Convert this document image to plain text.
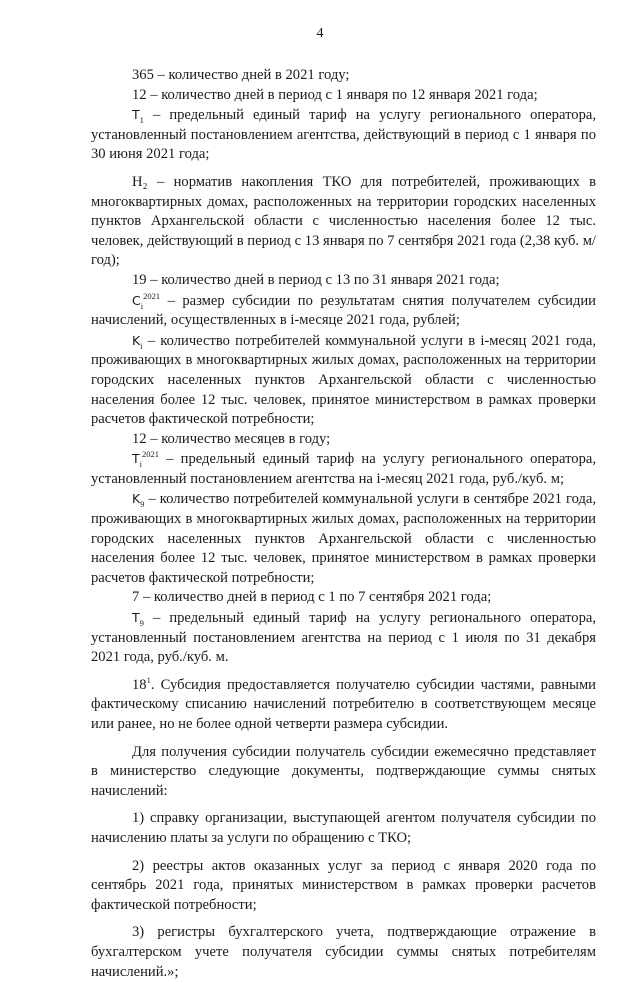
4

365 – количество дней в 2021 году;

12 – количество дней в период с 1 января по 12 января 2021 года;

$T_1$ – предельный единый тариф на услугу регионального оператора, установленный постановлением агентства, действующий в период с 1 января по 30 июня 2021 года;

H₂ – норматив накопления ТКО для потребителей, проживающих в многоквартирных домах, расположенных на территории городских населенных пунктов Архангельской области с численностью населения более 12 тыс. человек, действующий в период с 13 января по 7 сентября 2021 года (2,38 куб. м/год);

19 – количество дней в период с 13 по 31 января 2021 года;

$C_i^{2021}$ – размер субсидии по результатам снятия получателем субсидии начислений, осуществленных в i-месяце 2021 года, рублей;

$K_i$ – количество потребителей коммунальной услуги в i-месяц 2021 года, проживающих в многоквартирных жилых домах, расположенных на территории городских населенных пунктов Архангельской области с численностью населения более 12 тыс. человек, принятое министерством в рамках проверки расчетов фактической потребности;

12 – количество месяцев в году;

$T_i^{2021}$ – предельный единый тариф на услугу регионального оператора, установленный постановлением агентства на i-месяц 2021 года, руб./куб. м;

$K_9$ – количество потребителей коммунальной услуги в сентябре 2021 года, проживающих в многоквартирных жилых домах, расположенных на территории городских населенных пунктов Архангельской области с численностью населения более 12 тыс. человек, принятое министерством в рамках проверки расчетов фактической потребности;

7 – количество дней в период с 1 по 7 сентября 2021 года;

$T_9$ – предельный единый тариф на услугу регионального оператора, установленный постановлением агентства на период с 1 июля по 31 декабря 2021 года, руб./куб. м.

$18^1$. Субсидия предоставляется получателю субсидии частями, равными фактическому списанию начислений потребителю в соответствующем месяце или ранее, но не более одной четверти размера субсидии.

Для получения субсидии получатель субсидии ежемесячно представляет в министерство следующие документы, подтверждающие суммы снятых начислений:

1) справку организации, выступающей агентом получателя субсидии по начислению платы за услуги по обращению с ТКО;

2) реестры актов оказанных услуг за период с января 2020 года по сентябрь 2021 года, принятых министерством в рамках проверки расчетов фактической потребности;

3) регистры бухгалтерского учета, подтверждающие отражение в бухгалтерском учете получателя субсидии суммы снятых потребителям начислений.»;
